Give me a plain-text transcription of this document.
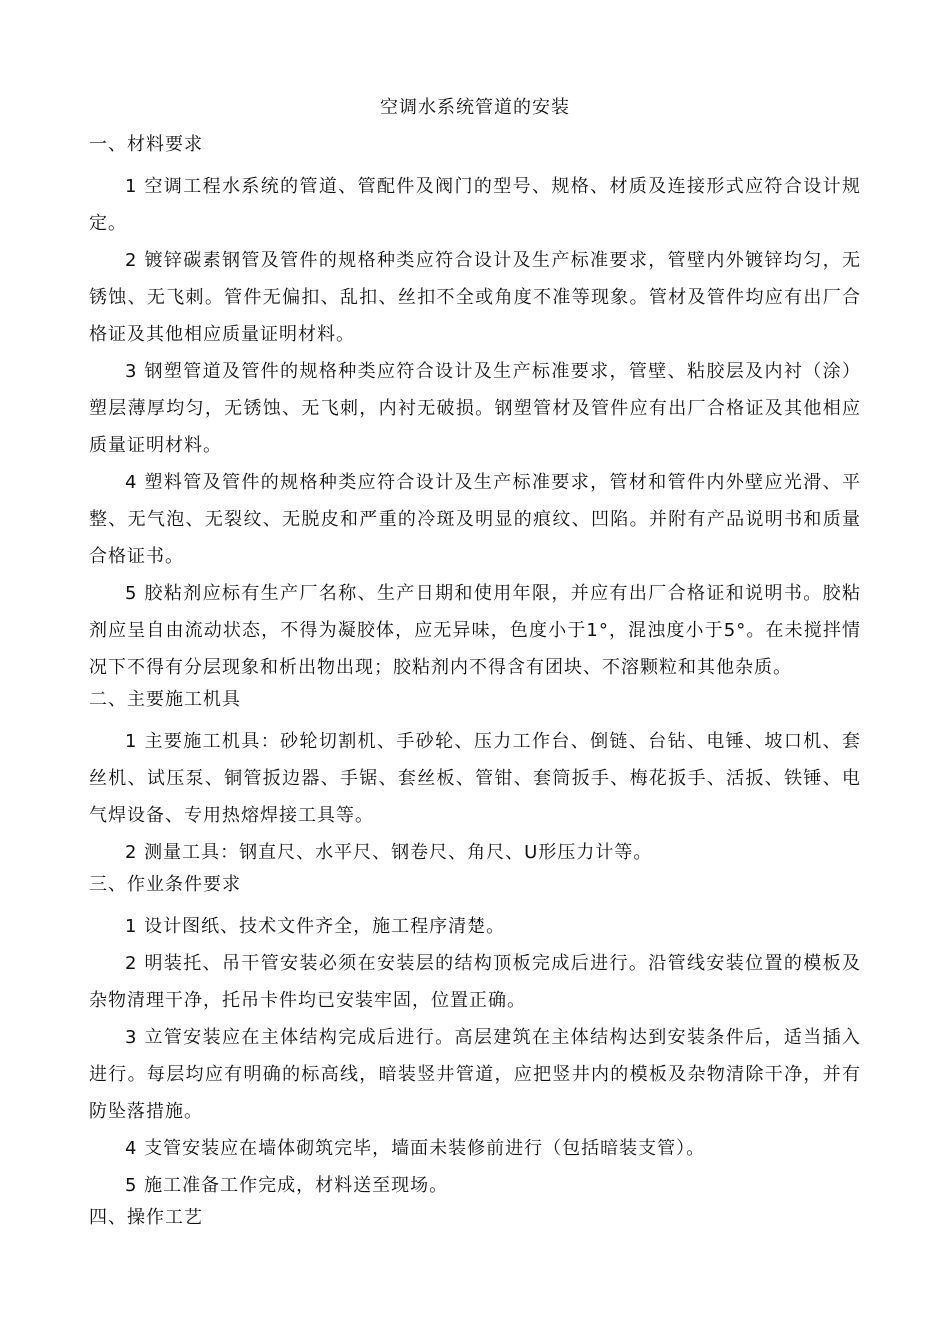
空调水系统管道的安装
一、材料要求

1 空调工程水系统的管道、管配件及阀门的型号、规格、材质及连接形式应符合设计规定。

2 镀锌碳素钢管及管件的规格种类应符合设计及生产标准要求，管壁内外镀锌均匀，无锈蚀、无飞刺。管件无偏扣、乱扣、丝扣不全或角度不准等现象。管材及管件均应有出厂合格证及其他相应质量证明材料。

3 钢塑管道及管件的规格种类应符合设计及生产标准要求，管壁、粘胶层及内衬（涂）塑层薄厚均匀，无锈蚀、无飞刺，内衬无破损。钢塑管材及管件应有出厂合格证及其他相应质量证明材料。

4 塑料管及管件的规格种类应符合设计及生产标准要求，管材和管件内外壁应光滑、平整、无气泡、无裂纹、无脱皮和严重的冷斑及明显的痕纹、凹陷。并附有产品说明书和质量合格证书。

5 胶粘剂应标有生产厂名称、生产日期和使用年限，并应有出厂合格证和说明书。胶粘剂应呈自由流动状态，不得为凝胶体，应无异味，色度小于1°，混浊度小于5°。在未搅拌情况下不得有分层现象和析出物出现；胶粘剂内不得含有团块、不溶颗粒和其他杂质。

二、主要施工机具

1 主要施工机具：砂轮切割机、手砂轮、压力工作台、倒链、台钻、电锤、坡口机、套丝机、试压泵、铜管扳边器、手锯、套丝板、管钳、套筒扳手、梅花扳手、活扳、铁锤、电气焊设备、专用热熔焊接工具等。

2 测量工具：钢直尺、水平尺、钢卷尺、角尺、U形压力计等。

三、作业条件要求

1 设计图纸、技术文件齐全，施工程序清楚。

2 明装托、吊干管安装必须在安装层的结构顶板完成后进行。沿管线安装位置的模板及杂物清理干净，托吊卡件均已安装牢固，位置正确。

3 立管安装应在主体结构完成后进行。高层建筑在主体结构达到安装条件后，适当插入进行。每层均应有明确的标高线，暗装竖井管道，应把竖井内的模板及杂物清除干净，并有防坠落措施。

4 支管安装应在墙体砌筑完毕，墙面未装修前进行（包括暗装支管）。

5 施工准备工作完成，材料送至现场。

四、操作工艺
